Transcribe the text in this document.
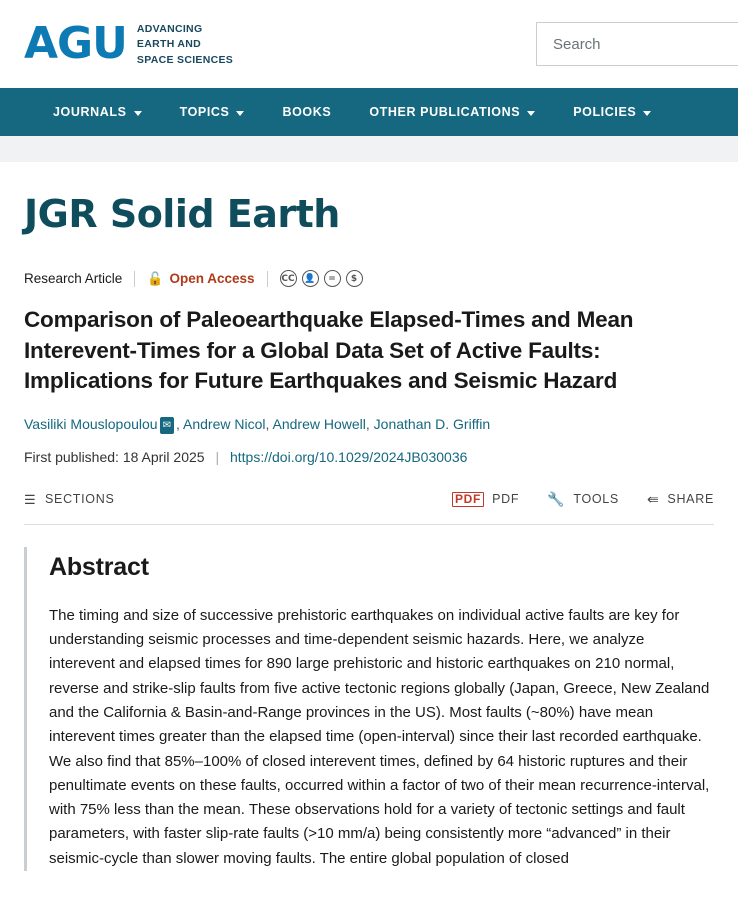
AGU ADVANCING
EARTH AND
SPACE SCIENCES
Search
JOURNALS	TOPICS	BOOKS	OTHER PUBLICATIONS	POLICIES
JGR Solid Earth
Research Article 🔓 Open Access	CC	👤	=	$
Comparison of Paleoearthquake Elapsed-Times and Mean Interevent-Times for a Global Data Set of Active Faults: Implications for Future Earthquakes and Seismic Hazard
Vasiliki Mouslopoulou ✉ , Andrew Nicol, Andrew Howell, Jonathan D. Griffin
First published: 18 April 2025 | https://doi.org/10.1029/2024JB030036
☰ SECTIONS	PDF PDF 🔧 TOOLS ⇚ SHARE
Abstract
The timing and size of successive prehistoric earthquakes on individual active faults are key for understanding seismic processes and time-dependent seismic hazards. Here, we analyze interevent and elapsed times for 890 large prehistoric and historic earthquakes on 210 normal, reverse and strike-slip faults from five active tectonic regions globally (Japan, Greece, New Zealand and the California & Basin-and-Range provinces in the US). Most faults (~80%) have mean interevent times greater than the elapsed time (open-interval) since their last recorded earthquake. We also find that 85%–100% of closed interevent times, defined by 64 historic ruptures and their penultimate events on these faults, occurred within a factor of two of their mean recurrence-interval, with 75% less than the mean. These observations hold for a variety of tectonic settings and fault parameters, with faster slip-rate faults (>10 mm/a) being consistently more “advanced” in their seismic-cycle than slower moving faults. The entire global population of closed
